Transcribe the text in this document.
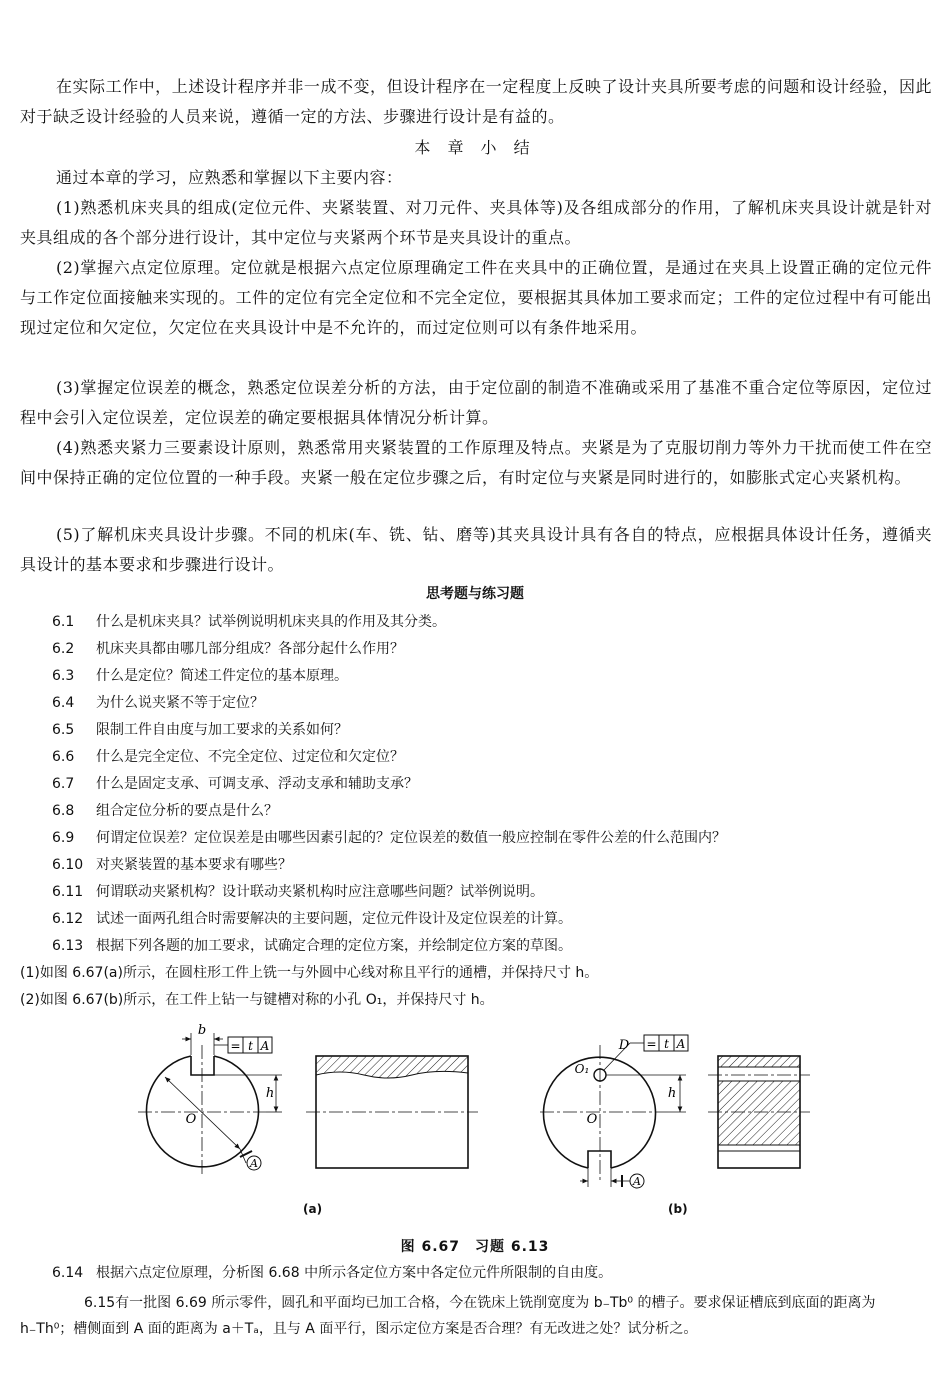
在实际工作中，上述设计程序并非一成不变，但设计程序在一定程度上反映了设计夹具所要考虑的问题和设计经验，因此对于缺乏设计经验的人员来说，遵循一定的方法、步骤进行设计是有益的。

本 章 小 结

通过本章的学习，应熟悉和掌握以下主要内容：

(1)熟悉机床夹具的组成(定位元件、夹紧装置、对刀元件、夹具体等)及各组成部分的作用，了解机床夹具设计就是针对夹具组成的各个部分进行设计，其中定位与夹紧两个环节是夹具设计的重点。

(2)掌握六点定位原理。定位就是根据六点定位原理确定工件在夹具中的正确位置，是通过在夹具上设置正确的定位元件与工作定位面接触来实现的。工件的定位有完全定位和不完全定位，要根据其具体加工要求而定；工件的定位过程中有可能出现过定位和欠定位，欠定位在夹具设计中是不允许的，而过定位则可以有条件地采用。

(3)掌握定位误差的概念，熟悉定位误差分析的方法，由于定位副的制造不准确或采用了基准不重合定位等原因，定位过程中会引入定位误差，定位误差的确定要根据具体情况分析计算。

(4)熟悉夹紧力三要素设计原则，熟悉常用夹紧装置的工作原理及特点。夹紧是为了克服切削力等外力干扰而使工件在空间中保持正确的定位位置的一种手段。夹紧一般在定位步骤之后，有时定位与夹紧是同时进行的，如膨胀式定心夹紧机构。

(5)了解机床夹具设计步骤。不同的机床(车、铣、钻、磨等)其夹具设计具有各自的特点，应根据具体设计任务，遵循夹具设计的基本要求和步骤进行设计。

思考题与练习题

6.1 什么是机床夹具？试举例说明机床夹具的作用及其分类。
6.2 机床夹具都由哪几部分组成？各部分起什么作用？
6.3 什么是定位？简述工件定位的基本原理。
6.4 为什么说夹紧不等于定位？
6.5 限制工件自由度与加工要求的关系如何？
6.6 什么是完全定位、不完全定位、过定位和欠定位？
6.7 什么是固定支承、可调支承、浮动支承和辅助支承？
6.8 组合定位分析的要点是什么？
6.9 何谓定位误差？定位误差是由哪些因素引起的？定位误差的数值一般应控制在零件公差的什么范围内？
6.10 对夹紧装置的基本要求有哪些？
6.11 何谓联动夹紧机构？设计联动夹紧机构时应注意哪些问题？试举例说明。
6.12 试述一面两孔组合时需要解决的主要问题，定位元件设计及定位误差的计算。
6.13 根据下列各题的加工要求，试确定合理的定位方案，并绘制定位方案的草图。
(1)如图 6.67(a)所示，在圆柱形工件上铣一与外圆中心线对称且平行的通槽，并保持尺寸 h。
(2)如图 6.67(b)所示，在工件上钻一与键槽对称的小孔 O₁，并保持尺寸 h。
A
O
b
= t A
h
O₁
O
D = t A
h
A
(a)	(b)
图 6.67　习题 6.13
6.14 根据六点定位原理，分析图 6.68 中所示各定位方案中各定位元件所限制的自由度。
6.15有一批图 6.69 所示零件，圆孔和平面均已加工合格，今在铣床上铣削宽度为 b₋Tb⁰ 的槽子。要求保证槽底到底面的距离为 h₋Th⁰；槽侧面到 A 面的距离为 a＋Tₐ，且与 A 面平行，图示定位方案是否合理？有无改进之处？试分析之。
